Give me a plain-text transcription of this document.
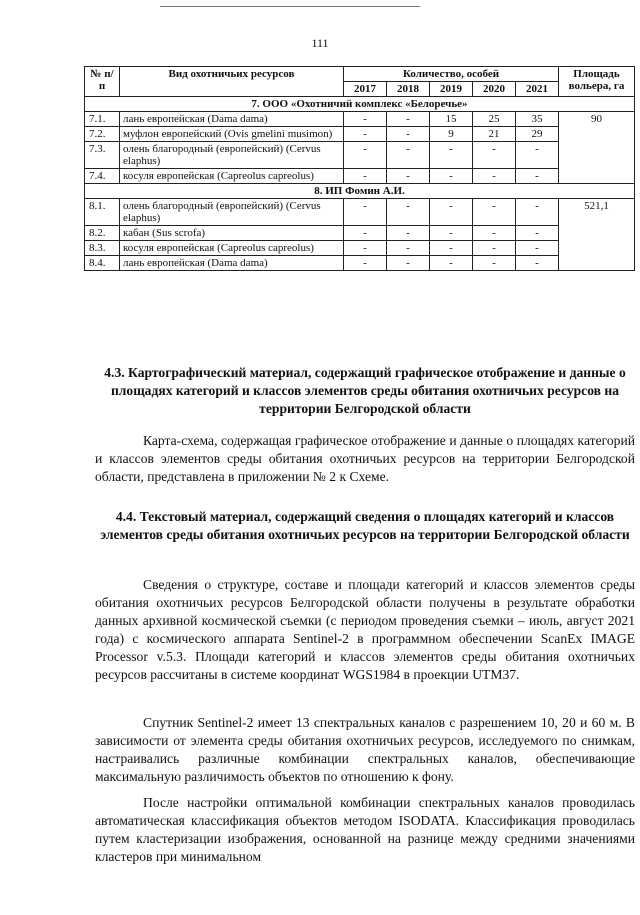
111
№ п/п	Вид охотничьих ресурсов	Количество, особей					Площадь вольера, га
		2017	2018	2019	2020	2021	
7. ООО «Охотничий комплекс «Белоречье»							
7.1.	лань европейская (Dama dama)	-	-	15	25	35	90
7.2.	муфлон европейский (Ovis gmelini musimon)	-	-	9	21	29	
7.3.	олень благородный (европейский) (Cervus elaphus)	-	-	-	-	-	
7.4.	косуля европейская (Capreolus capreolus)	-	-	-	-	-	
8. ИП Фомин А.И.							
8.1.	олень благородный (европейский) (Cervus elaphus)	-	-	-	-	-	521,1
8.2.	кабан (Sus scrofa)	-	-	-	-	-	
8.3.	косуля европейская (Capreolus capreolus)	-	-	-	-	-	
8.4.	лань европейская (Dama dama)	-	-	-	-	-	
4.3. Картографический материал, содержащий графическое отображение и данные о площадях категорий и классов элементов среды обитания охотничьих ресурсов на территории Белгородской области

Карта-схема, содержащая графическое отображение и данные о площадях категорий и классов элементов среды обитания охотничьих ресурсов на территории Белгородской области, представлена в приложении № 2 к Схеме.

4.4. Текстовый материал, содержащий сведения о площадях категорий и классов элементов среды обитания охотничьих ресурсов на территории Белгородской области

Сведения о структуре, составе и площади категорий и классов элементов среды обитания охотничьих ресурсов Белгородской области получены в результате обработки данных архивной космической съемки (с периодом проведения съемки – июль, август 2021 года) с космического аппарата Sentinel-2 в программном обеспечении ScanEx IMAGE Processor v.5.3. Площади категорий и классов элементов среды обитания охотничьих ресурсов рассчитаны в системе координат WGS1984 в проекции UTM37.

Спутник Sentinel-2 имеет 13 спектральных каналов с разрешением 10, 20 и 60 м. В зависимости от элемента среды обитания охотничьих ресурсов, исследуемого по снимкам, настраивались различные комбинации спектральных каналов, обеспечивающие максимальную различимость объектов по отношению к фону.

После настройки оптимальной комбинации спектральных каналов проводилась автоматическая классификация объектов методом ISODATA. Классификация проводилась путем кластеризации изображения, основанной на разнице между средними значениями кластеров при минимальном
